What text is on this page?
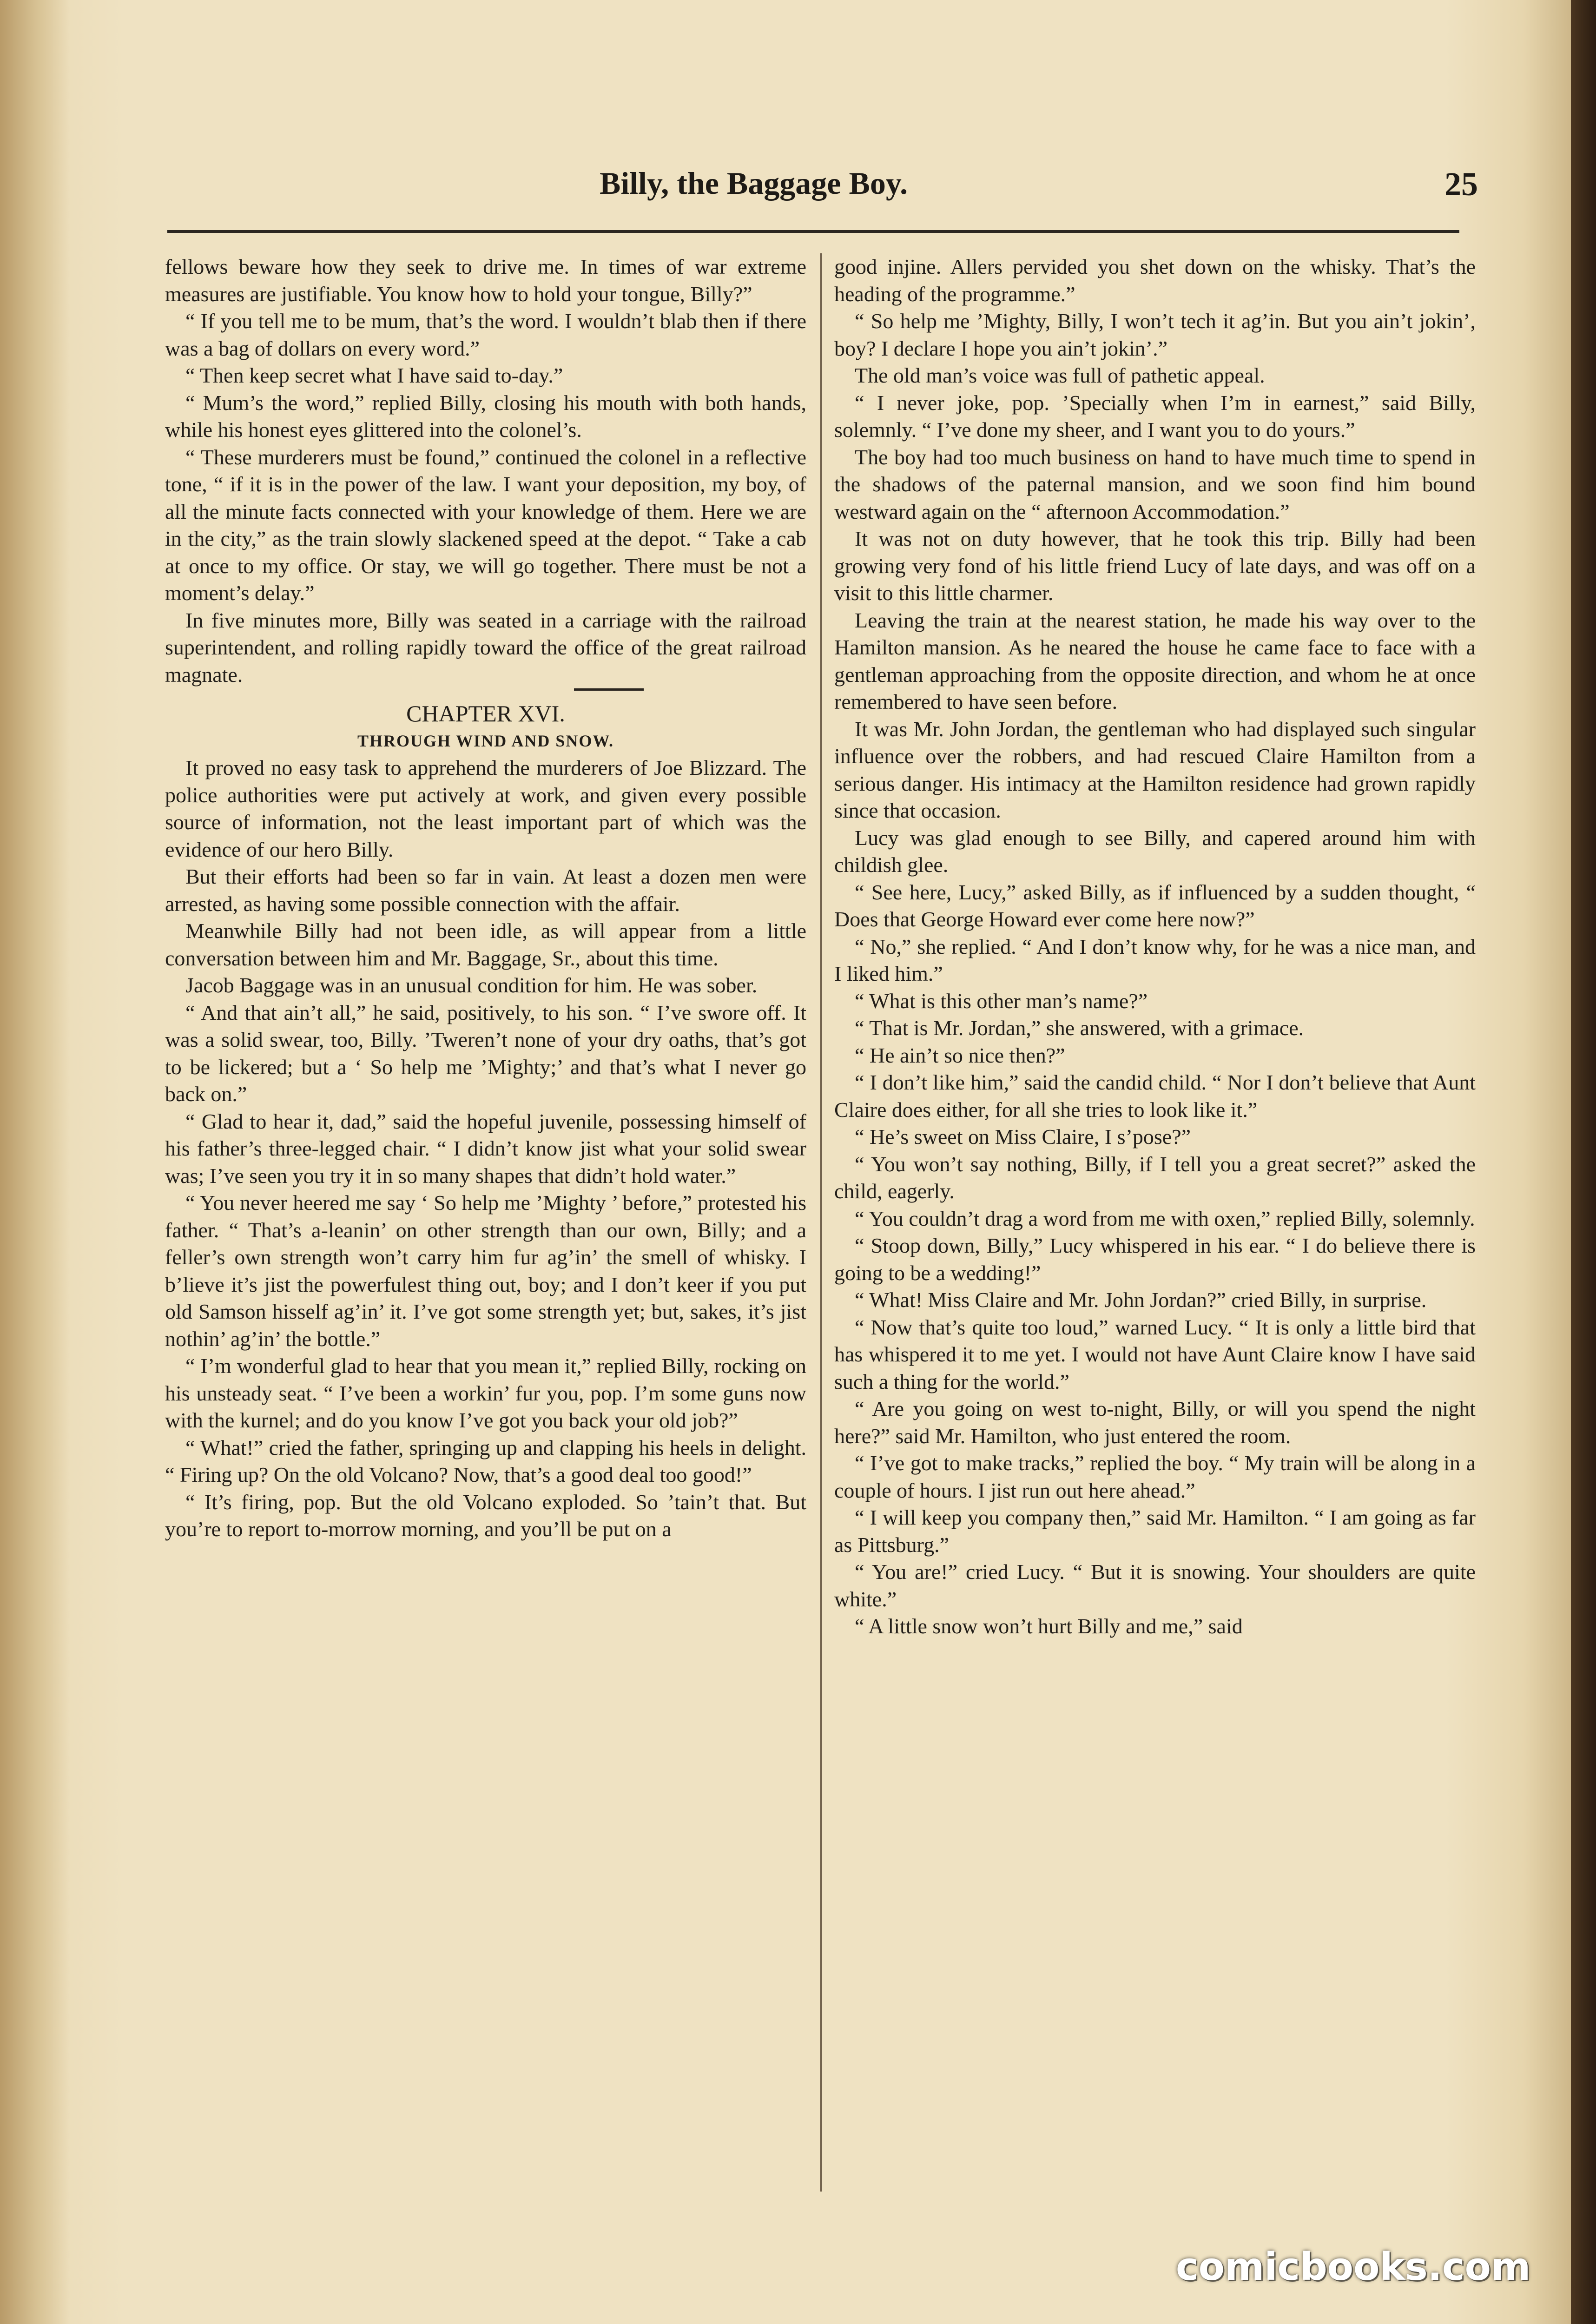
Billy, the Baggage Boy.	25

fellows beware how they seek to drive me. In times of war extreme measures are justifiable. You know how to hold your tongue, Billy?”

“ If you tell me to be mum, that’s the word. I wouldn’t blab then if there was a bag of dollars on every word.”

“ Then keep secret what I have said to-day.”

“ Mum’s the word,” replied Billy, closing his mouth with both hands, while his honest eyes glittered into the colonel’s.

“ These murderers must be found,” continued the colonel in a reflective tone, “ if it is in the power of the law. I want your deposition, my boy, of all the minute facts connected with your knowledge of them. Here we are in the city,” as the train slowly slackened speed at the depot. “ Take a cab at once to my office. Or stay, we will go together. There must be not a moment’s delay.”

In five minutes more, Billy was seated in a carriage with the railroad superintendent, and rolling rapidly toward the office of the great railroad magnate.

CHAPTER XVI.

THROUGH WIND AND SNOW.

It proved no easy task to apprehend the murderers of Joe Blizzard. The police authorities were put actively at work, and given every possible source of information, not the least important part of which was the evidence of our hero Billy.

But their efforts had been so far in vain. At least a dozen men were arrested, as having some possible connection with the affair.

Meanwhile Billy had not been idle, as will appear from a little conversation between him and Mr. Baggage, Sr., about this time.

Jacob Baggage was in an unusual condition for him. He was sober.

“ And that ain’t all,” he said, positively, to his son. “ I’ve swore off. It was a solid swear, too, Billy. ’Tweren’t none of your dry oaths, that’s got to be lickered; but a ‘ So help me ’Mighty;’ and that’s what I never go back on.”

“ Glad to hear it, dad,” said the hopeful juvenile, possessing himself of his father’s three-legged chair. “ I didn’t know jist what your solid swear was; I’ve seen you try it in so many shapes that didn’t hold water.”

“ You never heered me say ‘ So help me ’Mighty ’ before,” protested his father. “ That’s a-leanin’ on other strength than our own, Billy; and a feller’s own strength won’t carry him fur ag’in’ the smell of whisky. I b’lieve it’s jist the powerfulest thing out, boy; and I don’t keer if you put old Samson hisself ag’in’ it. I’ve got some strength yet; but, sakes, it’s jist nothin’ ag’in’ the bottle.”

“ I’m wonderful glad to hear that you mean it,” replied Billy, rocking on his unsteady seat. “ I’ve been a workin’ fur you, pop. I’m some guns now with the kurnel; and do you know I’ve got you back your old job?”

“ What!” cried the father, springing up and clapping his heels in delight. “ Firing up? On the old Volcano? Now, that’s a good deal too good!”

“ It’s firing, pop. But the old Volcano exploded. So ’tain’t that. But you’re to report to-morrow morning, and you’ll be put on a

good injine. Allers pervided you shet down on the whisky. That’s the heading of the programme.”

“ So help me ’Mighty, Billy, I won’t tech it ag’in. But you ain’t jokin’, boy? I declare I hope you ain’t jokin’.”

The old man’s voice was full of pathetic appeal.

“ I never joke, pop. ’Specially when I’m in earnest,” said Billy, solemnly. “ I’ve done my sheer, and I want you to do yours.”

The boy had too much business on hand to have much time to spend in the shadows of the paternal mansion, and we soon find him bound westward again on the “ afternoon Accommodation.”

It was not on duty however, that he took this trip. Billy had been growing very fond of his little friend Lucy of late days, and was off on a visit to this little charmer.

Leaving the train at the nearest station, he made his way over to the Hamilton mansion. As he neared the house he came face to face with a gentleman approaching from the opposite direction, and whom he at once remembered to have seen before.

It was Mr. John Jordan, the gentleman who had displayed such singular influence over the robbers, and had rescued Claire Hamilton from a serious danger. His intimacy at the Hamilton residence had grown rapidly since that occasion.

Lucy was glad enough to see Billy, and capered around him with childish glee.

“ See here, Lucy,” asked Billy, as if influenced by a sudden thought, “ Does that George Howard ever come here now?”

“ No,” she replied. “ And I don’t know why, for he was a nice man, and I liked him.”

“ What is this other man’s name?”

“ That is Mr. Jordan,” she answered, with a grimace.

“ He ain’t so nice then?”

“ I don’t like him,” said the candid child. “ Nor I don’t believe that Aunt Claire does either, for all she tries to look like it.”

“ He’s sweet on Miss Claire, I s’pose?”

“ You won’t say nothing, Billy, if I tell you a great secret?” asked the child, eagerly.

“ You couldn’t drag a word from me with oxen,” replied Billy, solemnly.

“ Stoop down, Billy,” Lucy whispered in his ear. “ I do believe there is going to be a wedding!”

“ What! Miss Claire and Mr. John Jordan?” cried Billy, in surprise.

“ Now that’s quite too loud,” warned Lucy. “ It is only a little bird that has whispered it to me yet. I would not have Aunt Claire know I have said such a thing for the world.”

“ Are you going on west to-night, Billy, or will you spend the night here?” said Mr. Hamilton, who just entered the room.

“ I’ve got to make tracks,” replied the boy. “ My train will be along in a couple of hours. I jist run out here ahead.”

“ I will keep you company then,” said Mr. Hamilton. “ I am going as far as Pittsburg.”

“ You are!” cried Lucy. “ But it is snowing. Your shoulders are quite white.”

“ A little snow won’t hurt Billy and me,” said

comicbooks.com
